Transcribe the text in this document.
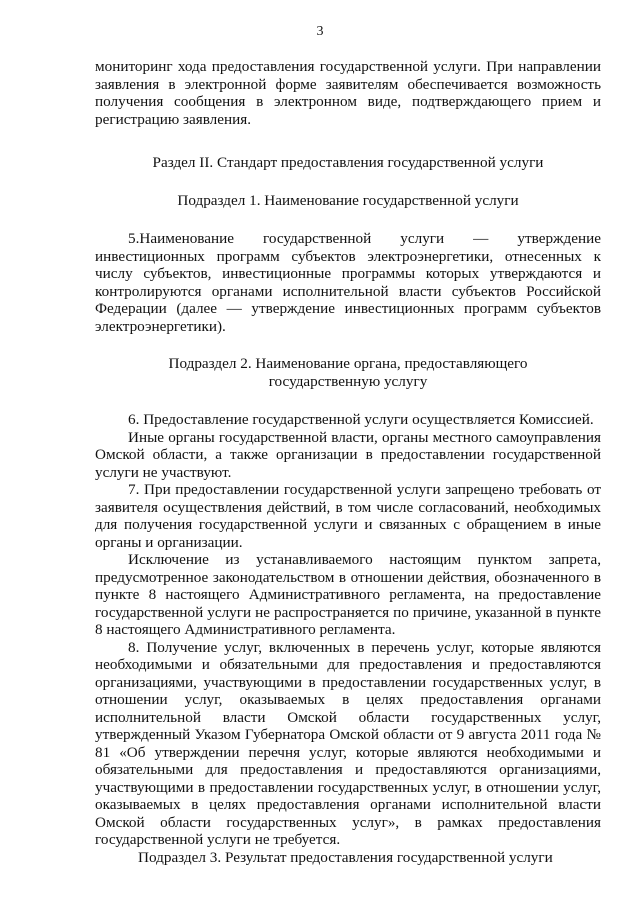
3

мониторинг хода предоставления государственной услуги. При направлении заявления в электронной форме заявителям обеспечивается возможность получения сообщения в электронном виде, подтверждающего прием и регистрацию заявления.

Раздел II. Стандарт предоставления государственной услуги

Подраздел 1. Наименование государственной услуги

5.Наименование государственной услуги — утверждение инвестиционных программ субъектов электроэнергетики, отнесенных к числу субъектов, инвестиционные программы которых утверждаются и контролируются органами исполнительной власти субъектов Российской Федерации (далее — утверждение инвестиционных программ субъектов электроэнергетики).

Подраздел 2. Наименование органа, предоставляющего государственную услугу

6. Предоставление государственной услуги осуществляется Комиссией.

Иные органы государственной власти, органы местного самоуправления Омской области, а также организации в предоставлении государственной услуги не участвуют.

7. При предоставлении государственной услуги запрещено требовать от заявителя осуществления действий, в том числе согласований, необходимых для получения государственной услуги и связанных с обращением в иные органы и организации.

Исключение из устанавливаемого настоящим пунктом запрета, предусмотренное законодательством в отношении действия, обозначенного в пункте 8 настоящего Административного регламента, на предоставление государственной услуги не распространяется по причине, указанной в пункте 8 настоящего Административного регламента.

8. Получение услуг, включенных в перечень услуг, которые являются необходимыми и обязательными для предоставления и предоставляются организациями, участвующими в предоставлении государственных услуг, в отношении услуг, оказываемых в целях предоставления органами исполнительной власти Омской области государственных услуг, утвержденный Указом Губернатора Омской области от 9 августа 2011 года № 81 «Об утверждении перечня услуг, которые являются необходимыми и обязательными для предоставления и предоставляются организациями, участвующими в предоставлении государственных услуг, в отношении услуг, оказываемых в целях предоставления органами исполнительной власти Омской области государственных услуг», в рамках предоставления государственной услуги не требуется.

Подраздел 3. Результат предоставления государственной услуги
